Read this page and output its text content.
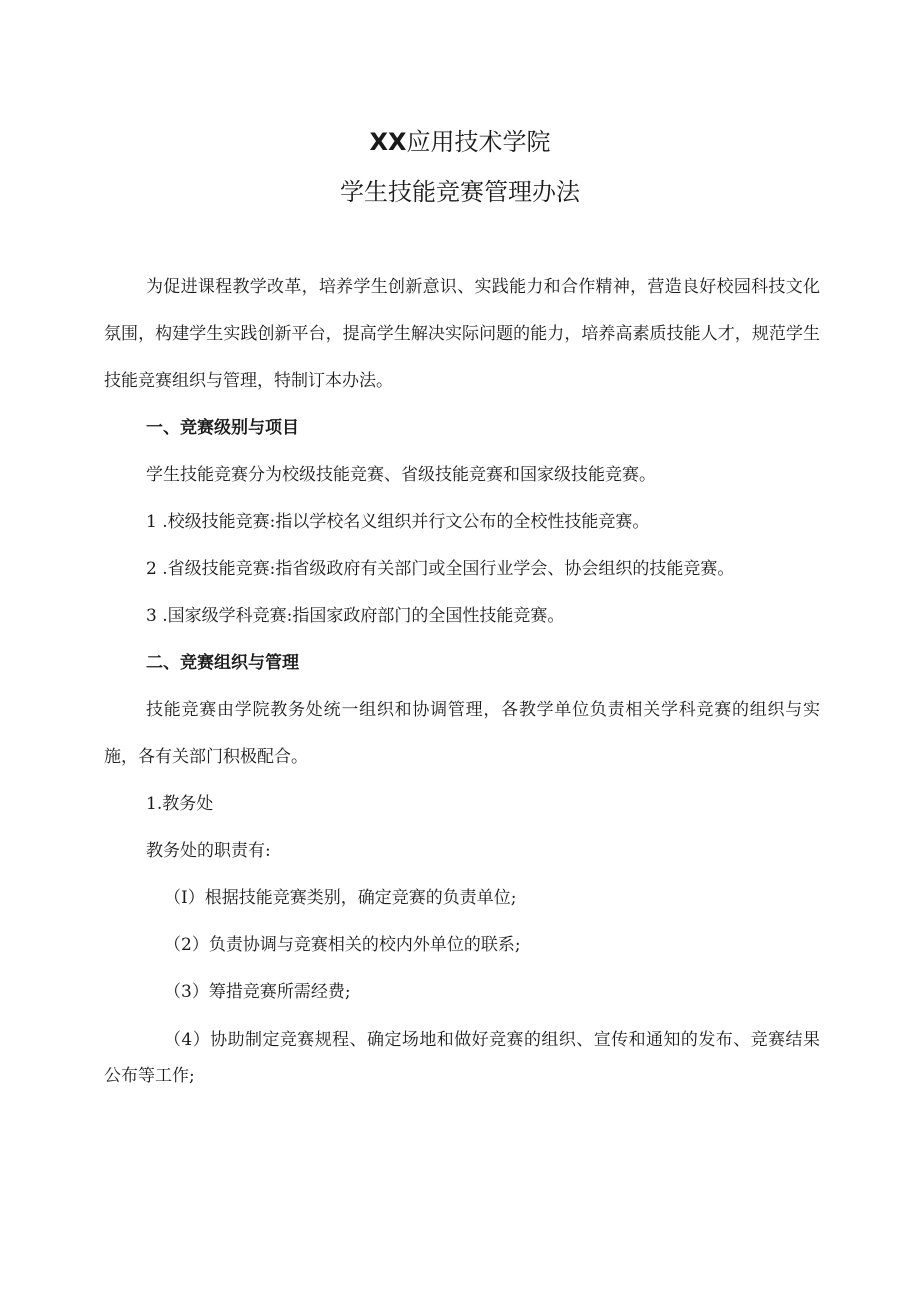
XX应用技术学院
学生技能竞赛管理办法

为促进课程教学改革，培养学生创新意识、实践能力和合作精神，营造良好校园科技文化氛围，构建学生实践创新平台，提高学生解决实际问题的能力，培养高素质技能人才，规范学生技能竞赛组织与管理，特制订本办法。

一、竞赛级别与项目

学生技能竞赛分为校级技能竞赛、省级技能竞赛和国家级技能竞赛。

1 .校级技能竞赛:指以学校名义组织并行文公布的全校性技能竞赛。

2 .省级技能竞赛:指省级政府有关部门或全国行业学会、协会组织的技能竞赛。

3 .国家级学科竞赛:指国家政府部门的全国性技能竞赛。

二、竞赛组织与管理

技能竞赛由学院教务处统一组织和协调管理，各教学单位负责相关学科竞赛的组织与实施，各有关部门积极配合。

1.教务处

教务处的职责有:

（I）根据技能竞赛类别，确定竞赛的负责单位;

（2）负责协调与竞赛相关的校内外单位的联系;

（3）筹措竞赛所需经费;

（4）协助制定竞赛规程、确定场地和做好竞赛的组织、宣传和通知的发布、竞赛结果公布等工作;
